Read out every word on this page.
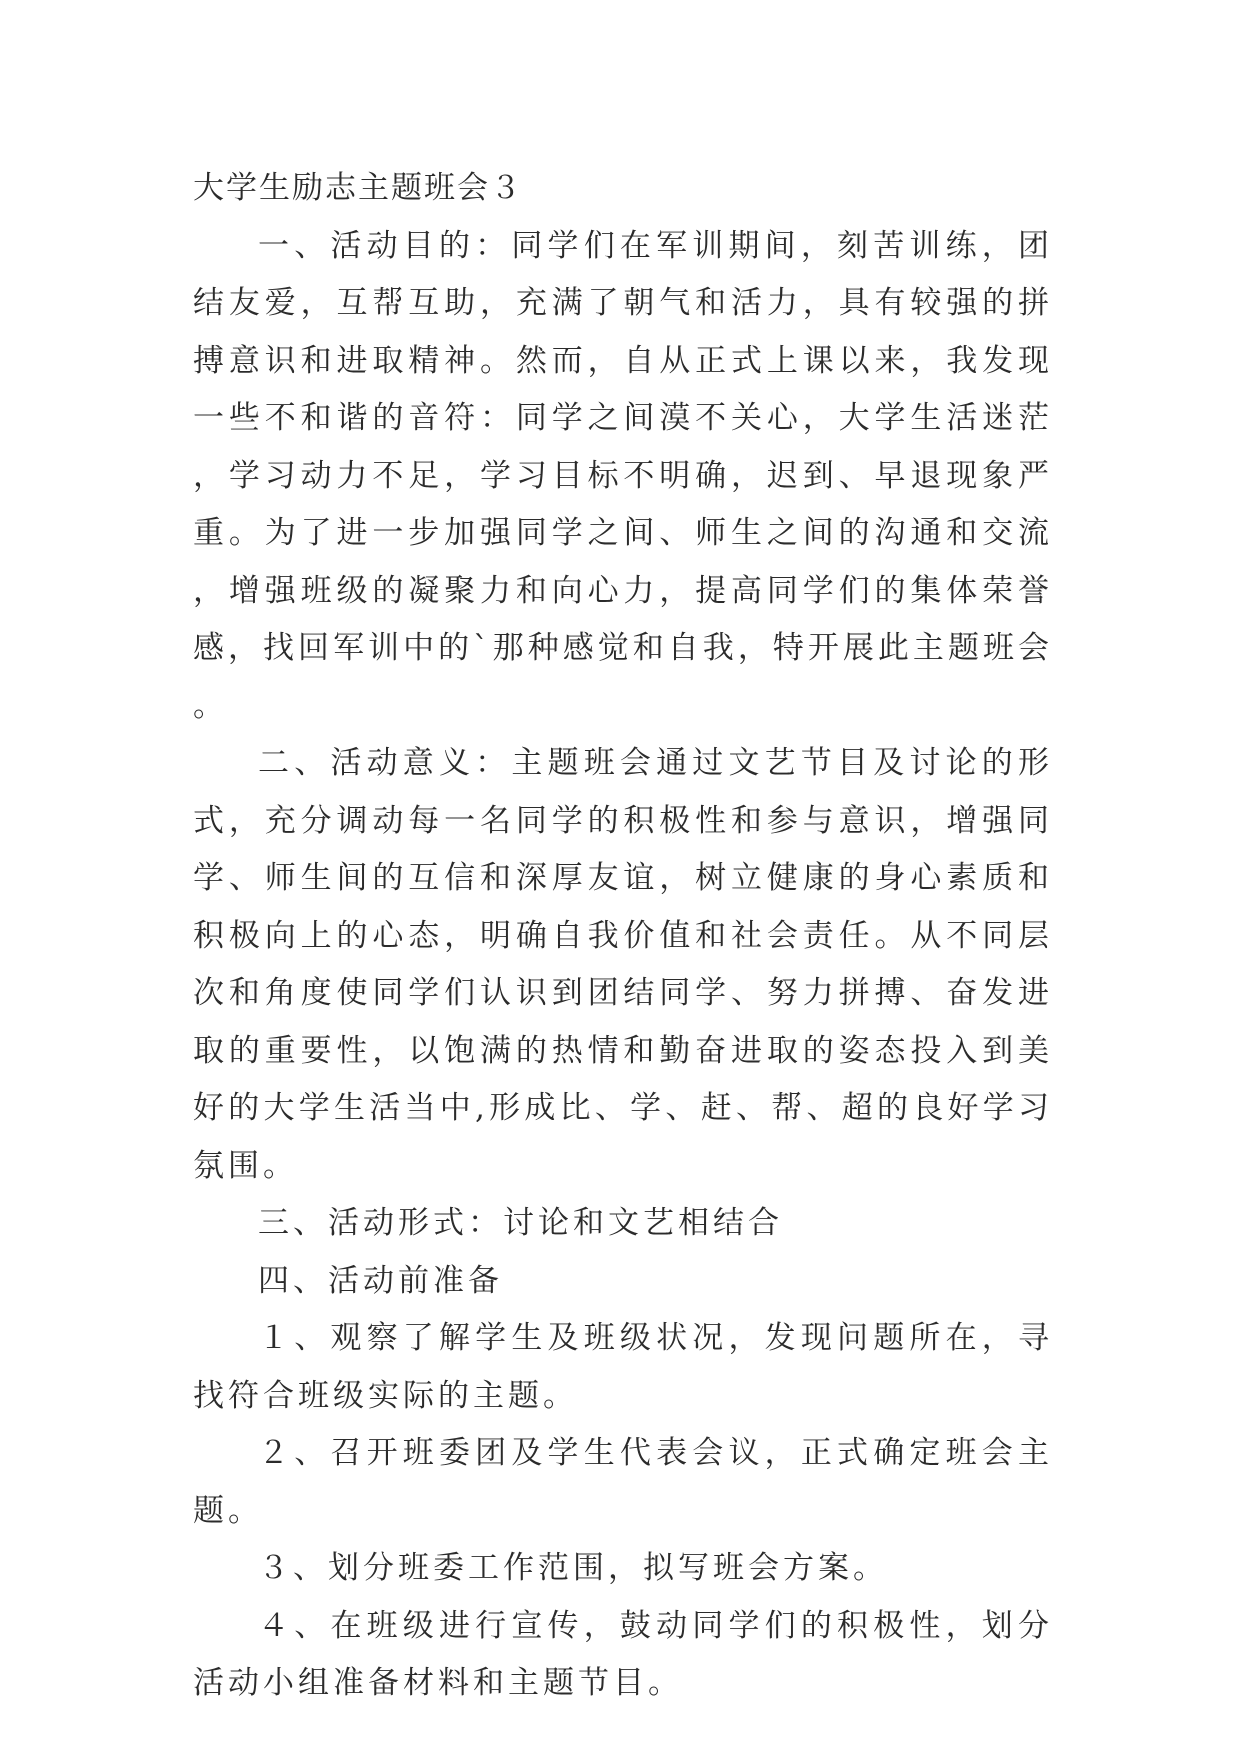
大学生励志主题班会３

一、活动目的：同学们在军训期间，刻苦训练，团结友爱，互帮互助，充满了朝气和活力，具有较强的拼搏意识和进取精神。然而，自从正式上课以来，我发现一些不和谐的音符：同学之间漠不关心，大学生活迷茫，学习动力不足，学习目标不明确，迟到、早退现象严重。为了进一步加强同学之间、师生之间的沟通和交流，增强班级的凝聚力和向心力，提高同学们的集体荣誉感，找回军训中的`那种感觉和自我，特开展此主题班会。

二、活动意义：主题班会通过文艺节目及讨论的形式，充分调动每一名同学的积极性和参与意识，增强同学、师生间的互信和深厚友谊，树立健康的身心素质和积极向上的心态，明确自我价值和社会责任。从不同层次和角度使同学们认识到团结同学、努力拼搏、奋发进取的重要性，以饱满的热情和勤奋进取的姿态投入到美好的大学生活当中,形成比、学、赶、帮、超的良好学习氛围。

三、活动形式：讨论和文艺相结合

四、活动前准备

１、观察了解学生及班级状况，发现问题所在，寻找符合班级实际的主题。

２、召开班委团及学生代表会议，正式确定班会主题。

３、划分班委工作范围，拟写班会方案。

４、在班级进行宣传，鼓动同学们的积极性，划分活动小组准备材料和主题节目。
